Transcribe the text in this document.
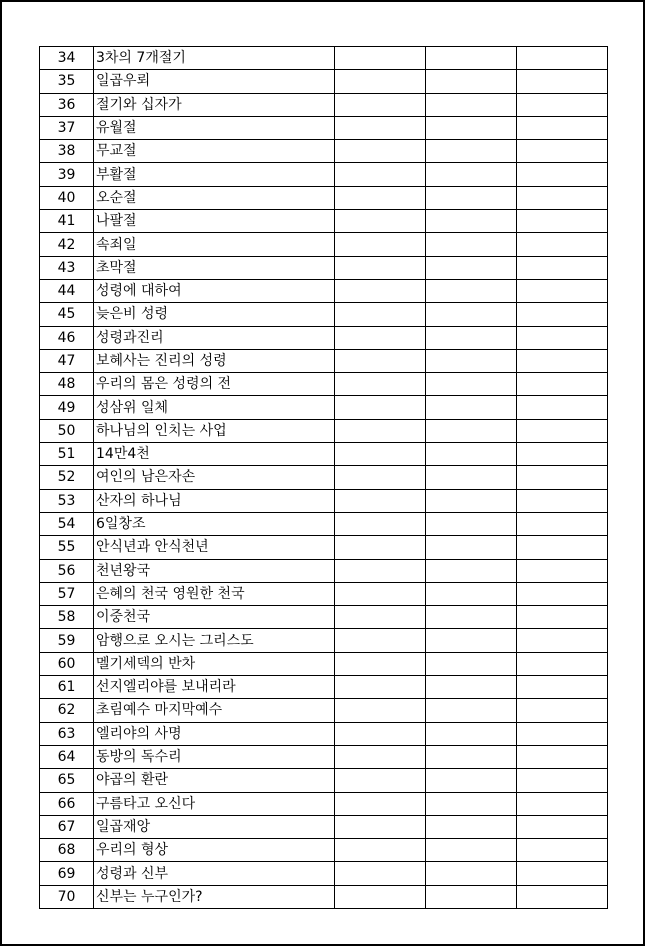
34	3차의 7개절기			
35	일곱우뢰			
36	절기와 십자가			
37	유월절			
38	무교절			
39	부활절			
40	오순절			
41	나팔절			
42	속죄일			
43	초막절			
44	성령에 대하여			
45	늦은비 성령			
46	성령과진리			
47	보혜사는 진리의 성령			
48	우리의 몸은 성령의 전			
49	성삼위 일체			
50	하나님의 인치는 사업			
51	14만4천			
52	여인의 남은자손			
53	산자의 하나님			
54	6일창조			
55	안식년과 안식천년			
56	천년왕국			
57	은혜의 천국 영원한 천국			
58	이중천국			
59	암행으로 오시는 그리스도			
60	멜기세덱의 반차			
61	선지엘리야를 보내리라			
62	초림예수 마지막예수			
63	엘리야의 사명			
64	동방의 독수리			
65	야곱의 환란			
66	구름타고 오신다			
67	일곱재앙			
68	우리의 형상			
69	성령과 신부			
70	신부는 누구인가?			
